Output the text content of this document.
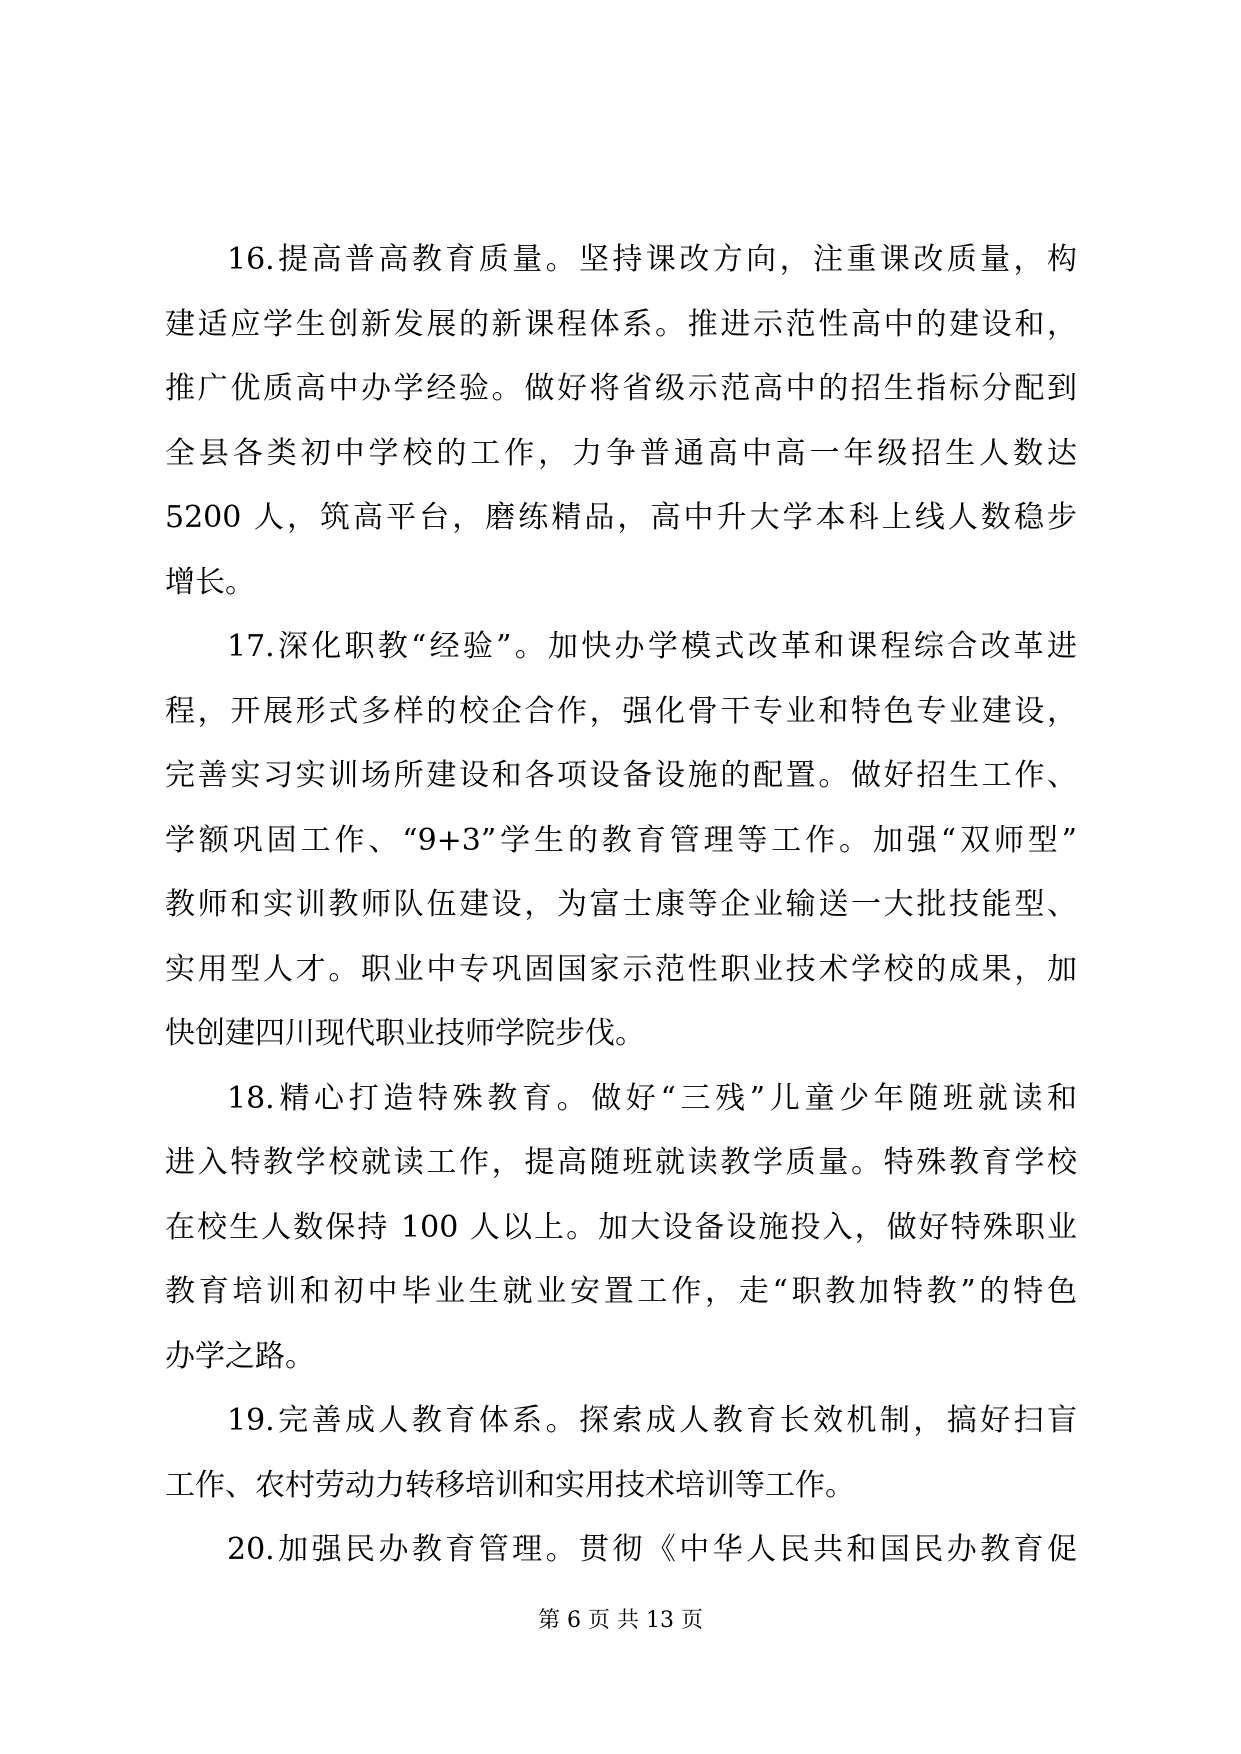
16.提高普高教育质量。坚持课改方向，注重课改质量，构
建适应学生创新发展的新课程体系。推进示范性高中的建设和，
推广优质高中办学经验。做好将省级示范高中的招生指标分配到
全县各类初中学校的工作，力争普通高中高一年级招生人数达
5200 人，筑高平台，磨练精品，高中升大学本科上线人数稳步
增长。
17.深化职教“经验”。加快办学模式改革和课程综合改革进
程，开展形式多样的校企合作，强化骨干专业和特色专业建设，
完善实习实训场所建设和各项设备设施的配置。做好招生工作、
学额巩固工作、“9+3”学生的教育管理等工作。加强“双师型”
教师和实训教师队伍建设，为富士康等企业输送一大批技能型、
实用型人才。职业中专巩固国家示范性职业技术学校的成果，加
快创建四川现代职业技师学院步伐。
18.精心打造特殊教育。做好“三残”儿童少年随班就读和
进入特教学校就读工作，提高随班就读教学质量。特殊教育学校
在校生人数保持 100 人以上。加大设备设施投入，做好特殊职业
教育培训和初中毕业生就业安置工作，走“职教加特教”的特色
办学之路。
19.完善成人教育体系。探索成人教育长效机制，搞好扫盲
工作、农村劳动力转移培训和实用技术培训等工作。
20.加强民办教育管理。贯彻《中华人民共和国民办教育促
第 6 页 共 13 页
